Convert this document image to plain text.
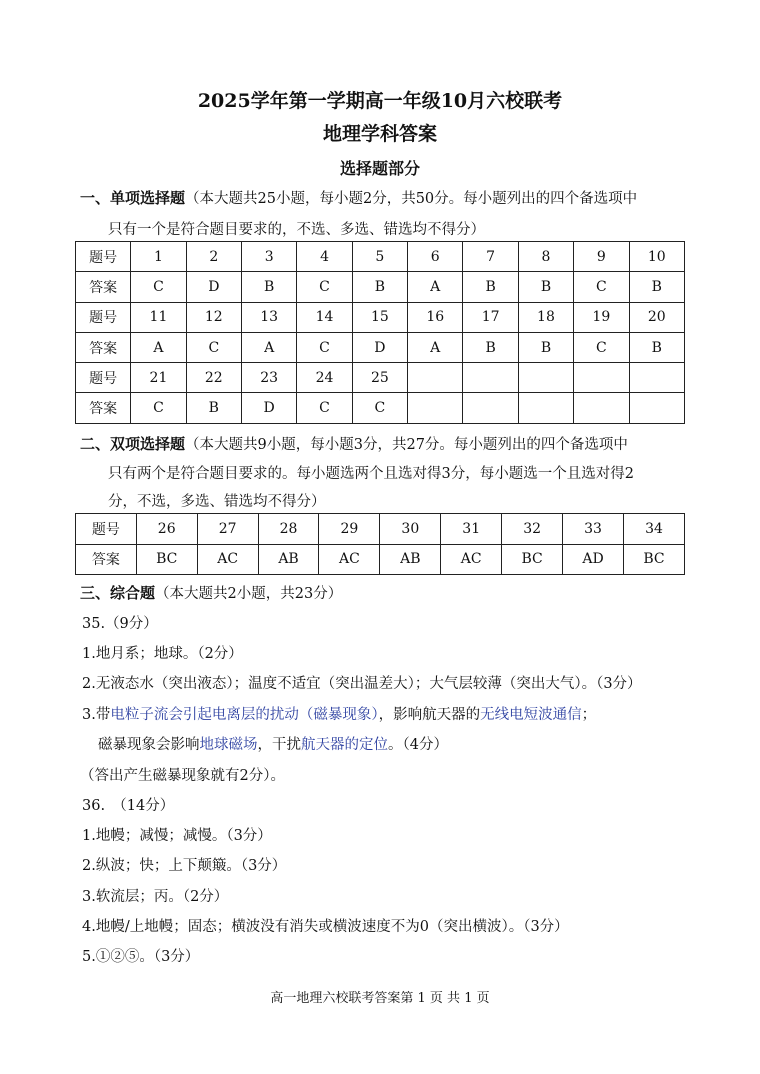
2025学年第一学期高一年级10月六校联考
地理学科答案
选择题部分
一、单项选择题（本大题共25小题，每小题2分，共50分。每小题列出的四个备选项中
只有一个是符合题目要求的，不选、多选、错选均不得分）
题号	1	2	3	4	5	6	7	8	9	10
答案	C	D	B	C	B	A	B	B	C	B
题号	11	12	13	14	15	16	17	18	19	20
答案	A	C	A	C	D	A	B	B	C	B
题号	21	22	23	24	25					
答案	C	B	D	C	C					
二、双项选择题（本大题共9小题，每小题3分，共27分。每小题列出的四个备选项中
只有两个是符合题目要求的。每小题选两个且选对得3分，每小题选一个且选对得2
分，不选，多选、错选均不得分）
题号	26	27	28	29	30	31	32	33	34
答案	BC	AC	AB	AC	AB	AC	BC	AD	BC
三、综合题（本大题共2小题，共23分）
35.（9分）
1.地月系；地球。（2分）
2.无液态水（突出液态）；温度不适宜（突出温差大）；大气层较薄（突出大气）。（3分）
3.带电粒子流会引起电离层的扰动（磁暴现象），影响航天器的无线电短波通信；
磁暴现象会影响地球磁场，干扰航天器的定位。（4分）
（答出产生磁暴现象就有2分）。
36.　（14分）
1.地幔；减慢；减慢。（3分）
2.纵波；快；上下颠簸。（3分）
3.软流层；丙。（2分）
4.地幔/上地幔；固态；横波没有消失或横波速度不为0（突出横波）。（3分）
5.①②⑤。（3分）
高一地理六校联考答案第 1 页 共 1 页
